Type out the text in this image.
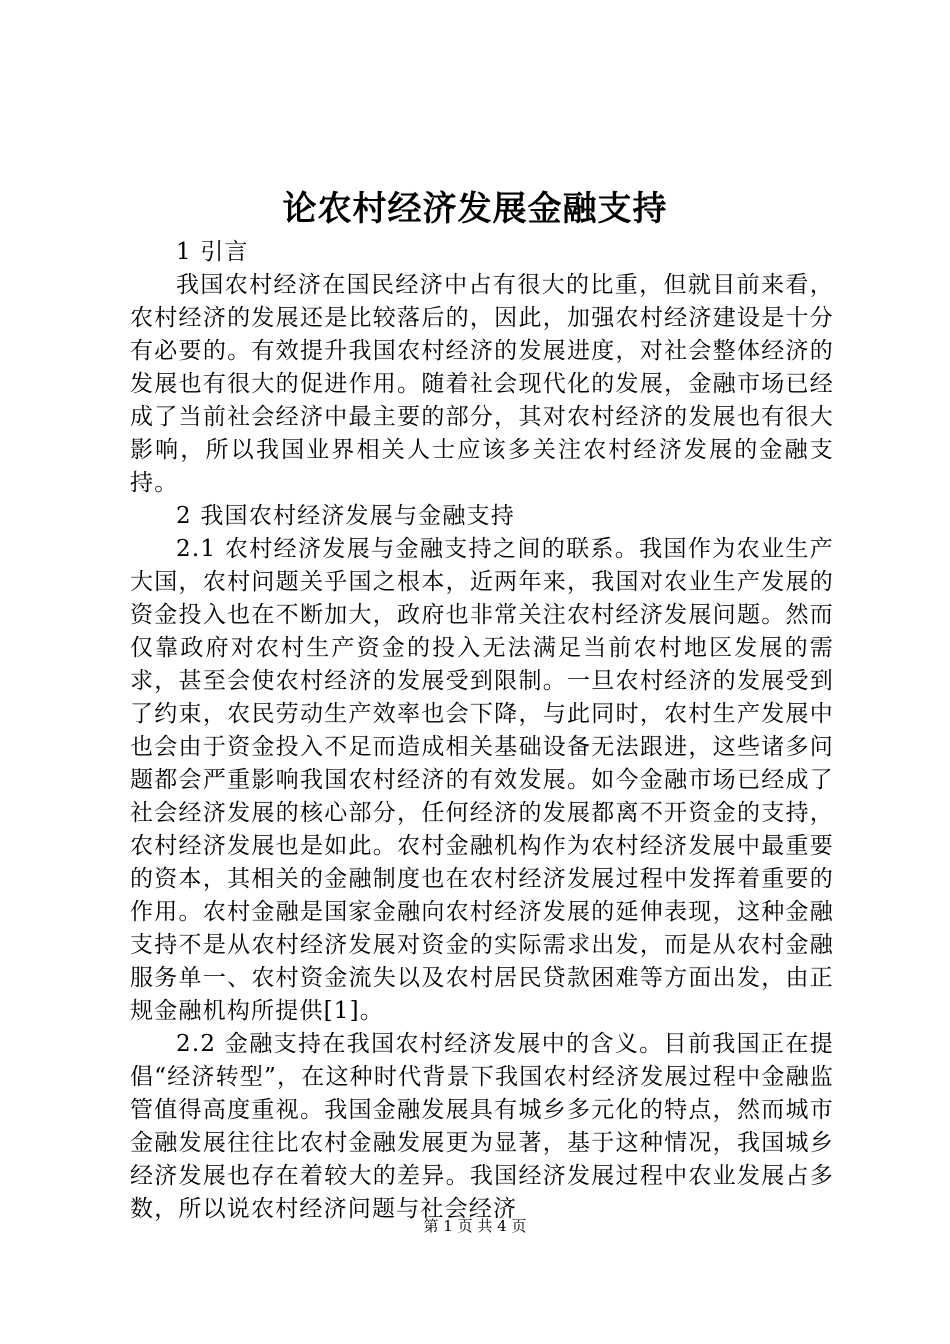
论农村经济发展金融支持

1 引言

我国农村经济在国民经济中占有很大的比重，但就目前来看，农村经济的发展还是比较落后的，因此，加强农村经济建设是十分有必要的。有效提升我国农村经济的发展进度，对社会整体经济的发展也有很大的促进作用。随着社会现代化的发展，金融市场已经成了当前社会经济中最主要的部分，其对农村经济的发展也有很大影响，所以我国业界相关人士应该多关注农村经济发展的金融支持。

2 我国农村经济发展与金融支持

2.1 农村经济发展与金融支持之间的联系。我国作为农业生产大国，农村问题关乎国之根本，近两年来，我国对农业生产发展的资金投入也在不断加大，政府也非常关注农村经济发展问题。然而仅靠政府对农村生产资金的投入无法满足当前农村地区发展的需求，甚至会使农村经济的发展受到限制。一旦农村经济的发展受到了约束，农民劳动生产效率也会下降，与此同时，农村生产发展中也会由于资金投入不足而造成相关基础设备无法跟进，这些诸多问题都会严重影响我国农村经济的有效发展。如今金融市场已经成了社会经济发展的核心部分，任何经济的发展都离不开资金的支持，农村经济发展也是如此。农村金融机构作为农村经济发展中最重要的资本，其相关的金融制度也在农村经济发展过程中发挥着重要的作用。农村金融是国家金融向农村经济发展的延伸表现，这种金融支持不是从农村经济发展对资金的实际需求出发，而是从农村金融服务单一、农村资金流失以及农村居民贷款困难等方面出发，由正规金融机构所提供[1]。

2.2 金融支持在我国农村经济发展中的含义。目前我国正在提倡“经济转型”，在这种时代背景下我国农村经济发展过程中金融监管值得高度重视。我国金融发展具有城乡多元化的特点，然而城市金融发展往往比农村金融发展更为显著，基于这种情况，我国城乡经济发展也存在着较大的差异。我国经济发展过程中农业发展占多数，所以说农村经济问题与社会经济

第 1 页 共 4 页
